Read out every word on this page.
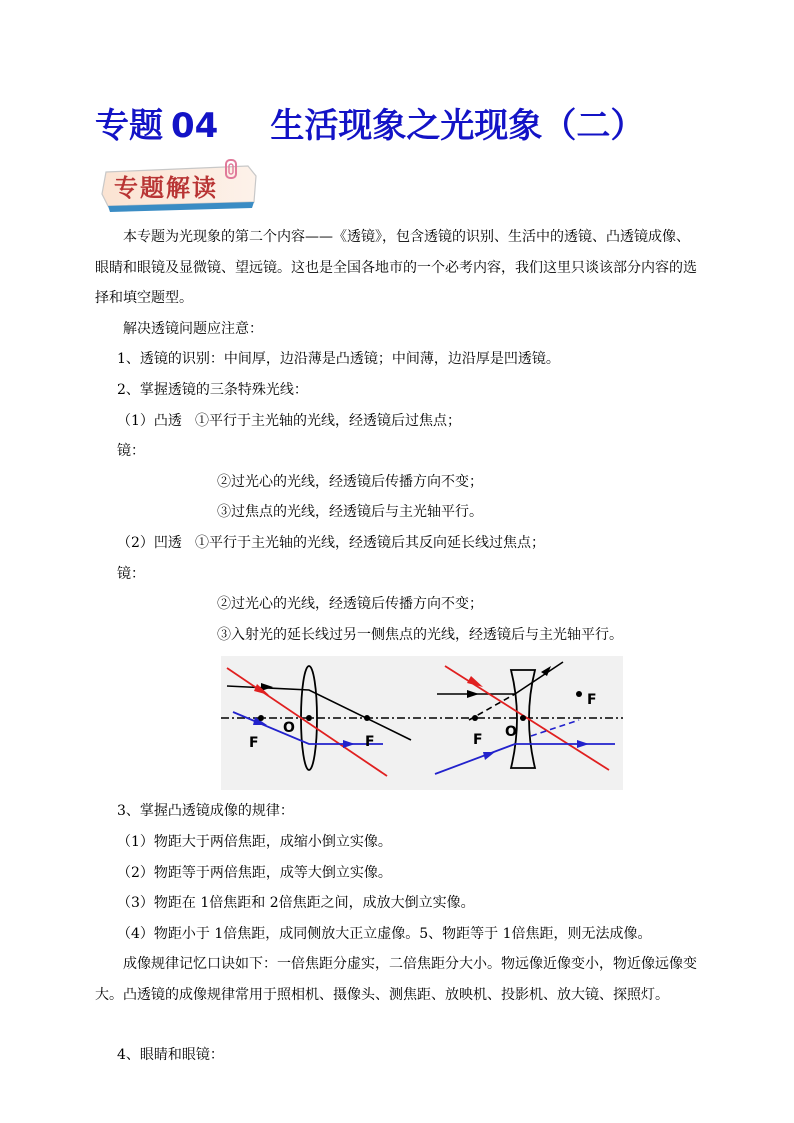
专题 04 生活现象之光现象（二）
专题解读

本专题为光现象的第二个内容——《透镜》，包含透镜的识别、生活中的透镜、凸透镜成像、眼睛和眼镜及显微镜、望远镜。这也是全国各地市的一个必考内容，我们这里只谈该部分内容的选择和填空题型。

解决透镜问题应注意：

1、透镜的识别：中间厚，边沿薄是凸透镜；中间薄，边沿厚是凹透镜。

2、掌握透镜的三条特殊光线：

（1）凸透镜：
①平行于主光轴的光线，经透镜后过焦点；

②过光心的光线，经透镜后传播方向不变；

③过焦点的光线，经透镜后与主光轴平行。

（2）凹透镜：
①平行于主光轴的光线，经透镜后其反向延长线过焦点；

②过光心的光线，经透镜后传播方向不变；

③入射光的延长线过另一侧焦点的光线，经透镜后与主光轴平行。

F
O
F
F
F O

3、掌握凸透镜成像的规律：

（1）物距大于两倍焦距，成缩小倒立实像。

（2）物距等于两倍焦距，成等大倒立实像。

（3）物距在 1倍焦距和 2倍焦距之间，成放大倒立实像。

（4）物距小于 1倍焦距，成同侧放大正立虚像。5、物距等于 1倍焦距，则无法成像。

成像规律记忆口诀如下：一倍焦距分虚实，二倍焦距分大小。物远像近像变小，物近像远像变大。凸透镜的成像规律常用于照相机、摄像头、测焦距、放映机、投影机、放大镜、探照灯。

4、眼睛和眼镜：
